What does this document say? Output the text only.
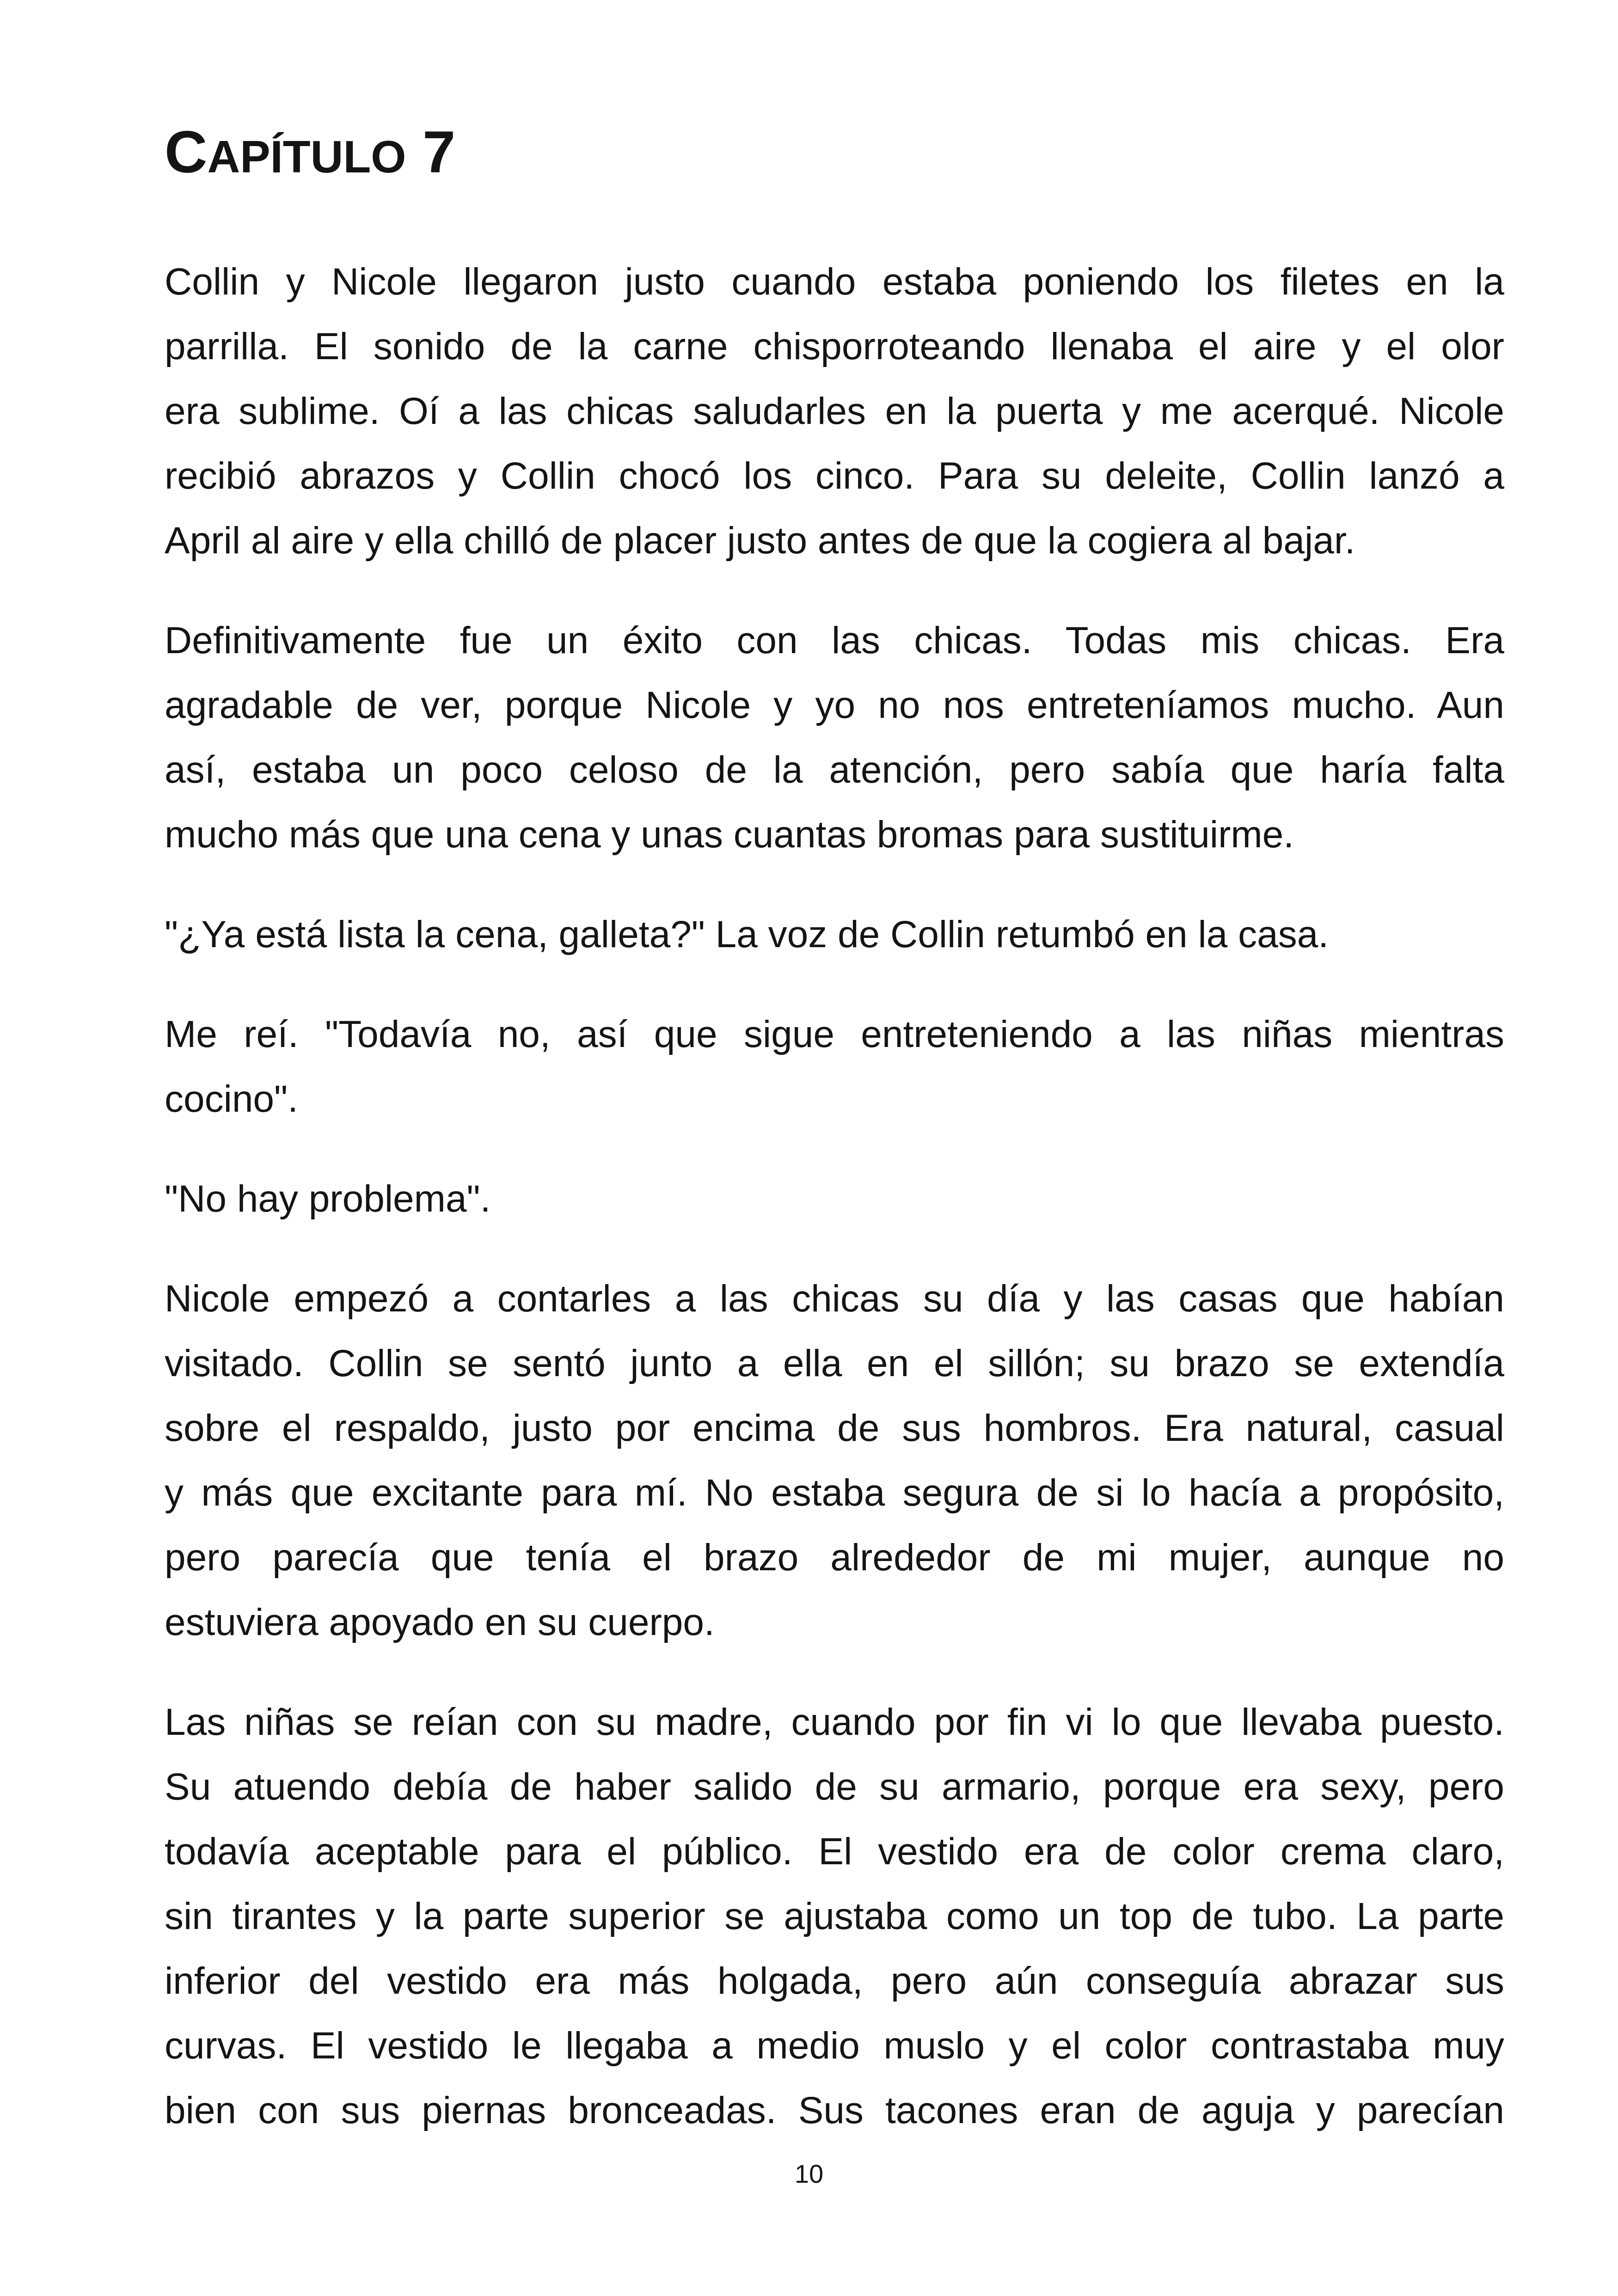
CAPÍTULO 7

Collin y Nicole llegaron justo cuando estaba poniendo los filetes en la
parrilla. El sonido de la carne chisporroteando llenaba el aire y el olor
era sublime. Oí a las chicas saludarles en la puerta y me acerqué. Nicole
recibió abrazos y Collin chocó los cinco. Para su deleite, Collin lanzó a
April al aire y ella chilló de placer justo antes de que la cogiera al bajar.

Definitivamente fue un éxito con las chicas. Todas mis chicas. Era
agradable de ver, porque Nicole y yo no nos entreteníamos mucho. Aun
así, estaba un poco celoso de la atención, pero sabía que haría falta
mucho más que una cena y unas cuantas bromas para sustituirme.

"¿Ya está lista la cena, galleta?" La voz de Collin retumbó en la casa.

Me reí. "Todavía no, así que sigue entreteniendo a las niñas mientras
cocino".

"No hay problema".

Nicole empezó a contarles a las chicas su día y las casas que habían
visitado. Collin se sentó junto a ella en el sillón; su brazo se extendía
sobre el respaldo, justo por encima de sus hombros. Era natural, casual
y más que excitante para mí. No estaba segura de si lo hacía a propósito,
pero parecía que tenía el brazo alrededor de mi mujer, aunque no
estuviera apoyado en su cuerpo.

Las niñas se reían con su madre, cuando por fin vi lo que llevaba puesto.
Su atuendo debía de haber salido de su armario, porque era sexy, pero
todavía aceptable para el público. El vestido era de color crema claro,
sin tirantes y la parte superior se ajustaba como un top de tubo. La parte
inferior del vestido era más holgada, pero aún conseguía abrazar sus
curvas. El vestido le llegaba a medio muslo y el color contrastaba muy
bien con sus piernas bronceadas. Sus tacones eran de aguja y parecían

10
